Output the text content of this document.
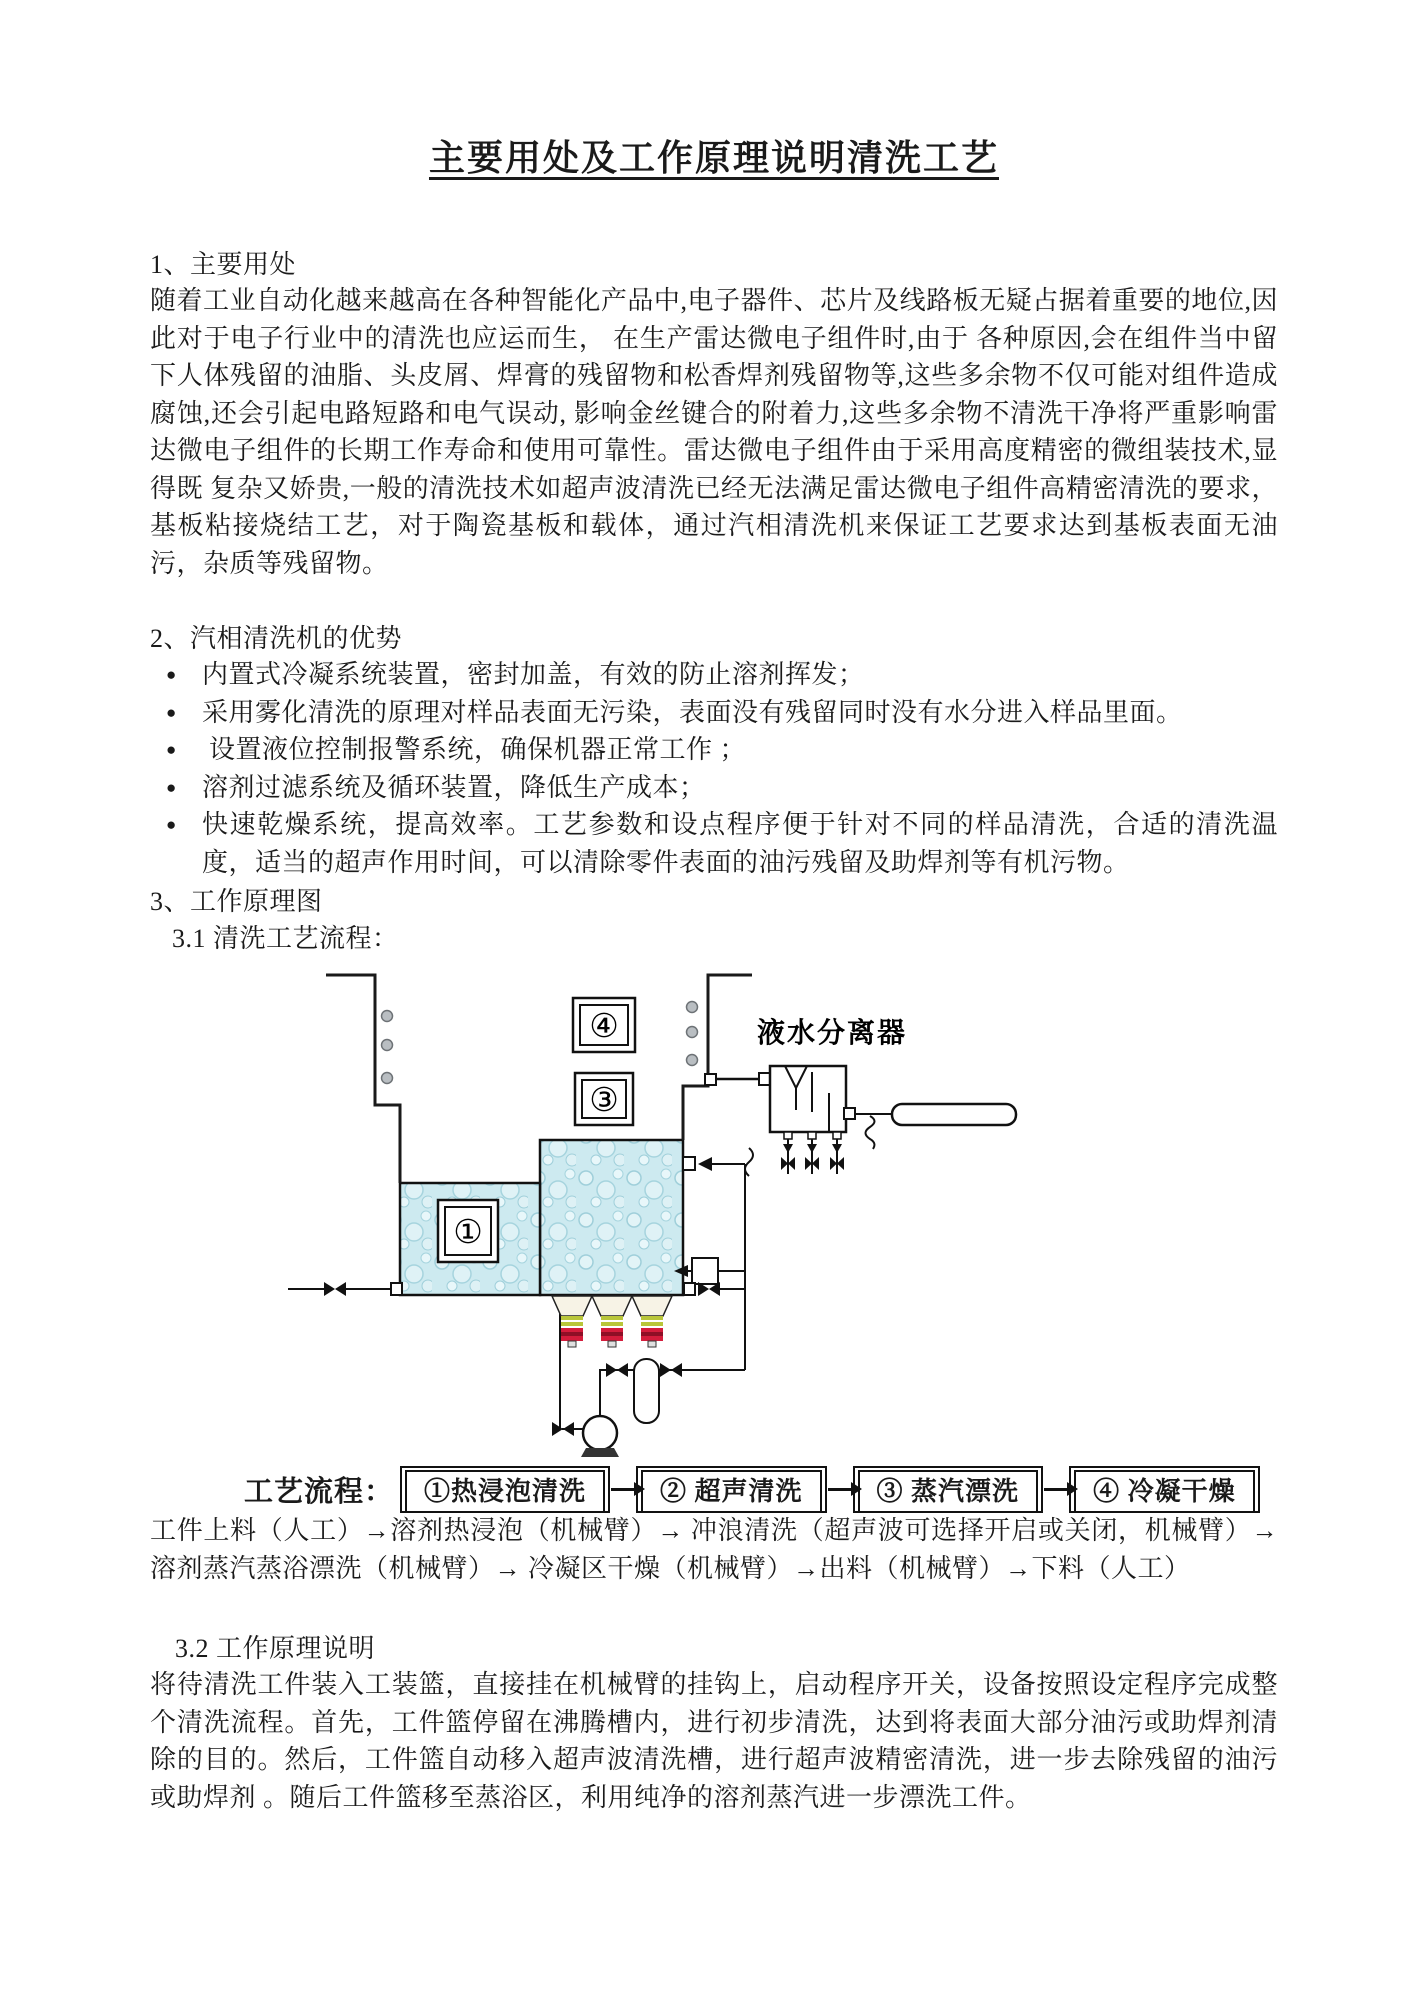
主要用处及工作原理说明清洗工艺
1、主要用处
随着工业自动化越来越高在各种智能化产品中,电子器件、芯片及线路板无疑占据着重要的地位,因此对于电子行业中的清洗也应运而生， 在生产雷达微电子组件时,由于 各种原因,会在组件当中留下人体残留的油脂、头皮屑、焊膏的残留物和松香焊剂残留物等,这些多余物不仅可能对组件造成腐蚀,还会引起电路短路和电气误动, 影响金丝键合的附着力,这些多余物不清洗干净将严重影响雷达微电子组件的长期工作寿命和使用可靠性。雷达微电子组件由于采用高度精密的微组装技术,显得既 复杂又娇贵,一般的清洗技术如超声波清洗已经无法满足雷达微电子组件高精密清洗的要求，基板粘接烧结工艺，对于陶瓷基板和载体，通过汽相清洗机来保证工艺要求达到基板表面无油污，杂质等残留物。
2、汽相清洗机的优势
● 内置式冷凝系统装置，密封加盖，有效的防止溶剂挥发；
● 采用雾化清洗的原理对样品表面无污染，表面没有残留同时没有水分进入样品里面。
● 设置液位控制报警系统，确保机器正常工作 ；
● 溶剂过滤系统及循环装置，降低生产成本；
● 快速乾燥系统，提高效率。工艺参数和设点程序便于针对不同的样品清洗，合适的清洗温度，适当的超声作用时间，可以清除零件表面的油污残留及助焊剂等有机污物。
3、工作原理图
3.1 清洗工艺流程：
④
③
①
液水分离器
工艺流程：	①热浸泡清洗	② 超声清洗	③ 蒸汽漂洗	④ 冷凝干燥
工件上料（人工）→溶剂热浸泡（机械臂）→ 冲浪清洗（超声波可选择开启或关闭，机械臂）→ 溶剂蒸汽蒸浴漂洗（机械臂）→ 冷凝区干燥（机械臂）→出料（机械臂）→下料（人工）
3.2 工作原理说明
将待清洗工件装入工装篮，直接挂在机械臂的挂钩上，启动程序开关，设备按照设定程序完成整个清洗流程。首先，工件篮停留在沸腾槽内，进行初步清洗，达到将表面大部分油污或助焊剂清除的目的。然后，工件篮自动移入超声波清洗槽，进行超声波精密清洗，进一步去除残留的油污或助焊剂 。随后工件篮移至蒸浴区，利用纯净的溶剂蒸汽进一步漂洗工件。
